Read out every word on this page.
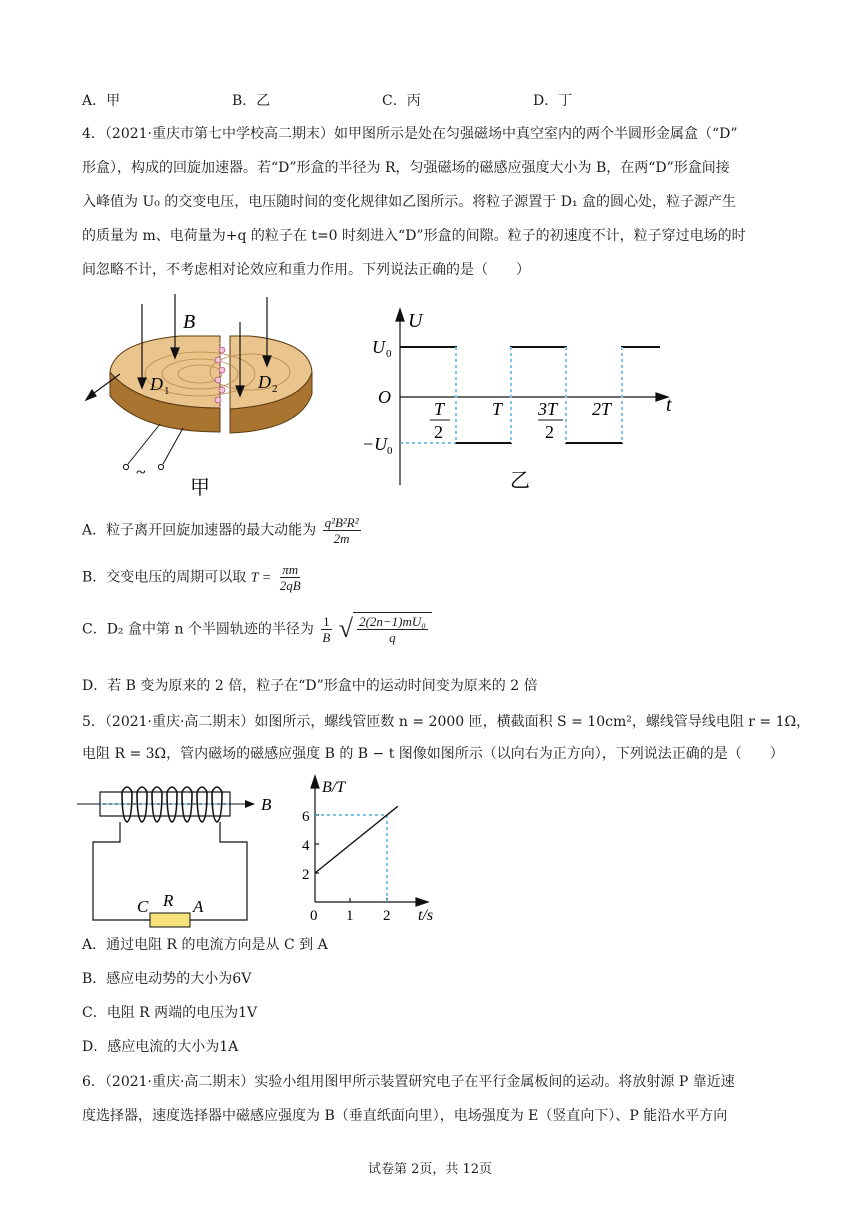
A．甲	B．乙	C．丙	D．丁
4．（2021·重庆市第七中学校高二期末）如甲图所示是处在匀强磁场中真空室内的两个半圆形金属盒（“D”
形盒），构成的回旋加速器。若“D”形盒的半径为 R，匀强磁场的磁感应强度大小为 B，在两“D”形盒间接
入峰值为 U₀ 的交变电压，电压随时间的变化规律如乙图所示。将粒子源置于 D₁ 盒的圆心处，粒子源产生
的质量为 m、电荷量为+q 的粒子在 t=0 时刻进入“D”形盒的间隙。粒子的初速度不计，粒子穿过电场的时
间忽略不计，不考虑相对论效应和重力作用。下列说法正确的是（　　）
B
D 1	D 2
~
甲
U
U 0
O
−U 0
T
2
T 3T
2
2T	t
乙
A．粒子离开回旋加速器的最大动能为 $\frac{\text{q²B²R²}}{2m}$
B．交变电压的周期可以取 $T = \frac{\pi m}{2qB}$
C．D₂ 盒中第 n 个半圆轨迹的半径为 $\frac{1}{B}$
√ $\frac{\text{2(2n−1)mU₀}}{q}$
D．若 B 变为原来的 2 倍，粒子在“D”形盒中的运动时间变为原来的 2 倍
5．（2021·重庆·高二期末）如图所示，螺线管匝数 n = 2000 匝，横截面积 S = 10cm²，螺线管导线电阻 r = 1Ω，
电阻 R = 3Ω，管内磁场的磁感应强度 B 的 B − t 图像如图所示（以向右为正方向），下列说法正确的是（　　）
B
C R A
B/T
2
4
6
0 1 2 t/s
A．通过电阻 R 的电流方向是从 C 到 A
B．感应电动势的大小为6V
C．电阻 R 两端的电压为1V
D．感应电流的大小为1A
6．（2021·重庆·高二期末）实验小组用图甲所示装置研究电子在平行金属板间的运动。将放射源 P 靠近速
度选择器，速度选择器中磁感应强度为 B（垂直纸面向里），电场强度为 E（竖直向下）、P 能沿水平方向
试卷第 2页，共 12页
